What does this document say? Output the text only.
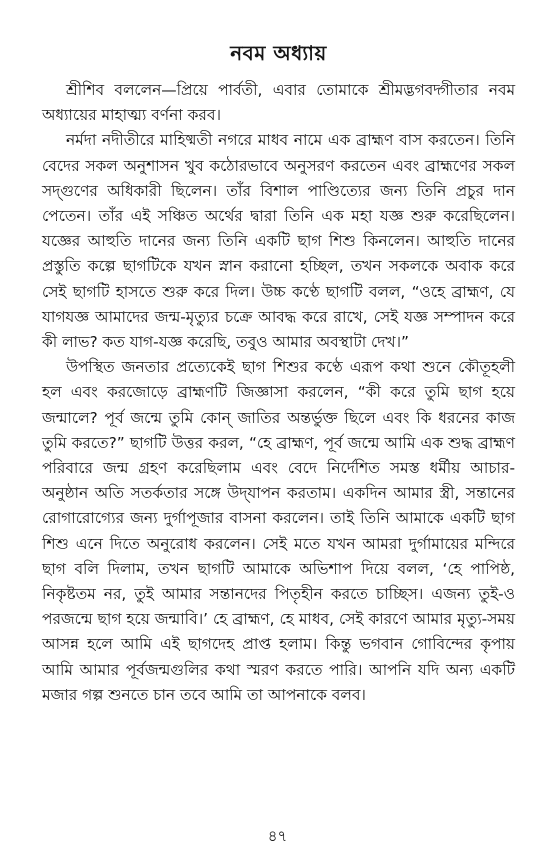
নবম অধ্যায়

শ্রীশিব বললেন—প্রিয়ে পার্বতী, এবার তোমাকে শ্রীমদ্ভগবদ্গীতার নবম অধ্যায়ের মাহাত্ম্য বর্ণনা করব।

নর্মদা নদীতীরে মাহিষ্মতী নগরে মাধব নামে এক ব্রাহ্মণ বাস করতেন। তিনি বেদের সকল অনুশাসন খুব কঠোরভাবে অনুসরণ করতেন এবং ব্রাহ্মণের সকল সদ্গুণের অধিকারী ছিলেন। তাঁর বিশাল পাণ্ডিত্যের জন্য তিনি প্রচুর দান পেতেন। তাঁর এই সঞ্চিত অর্থের দ্বারা তিনি এক মহা যজ্ঞ শুরু করেছিলেন। যজ্ঞের আহুতি দানের জন্য তিনি একটি ছাগ শিশু কিনলেন। আহুতি দানের প্রস্তুতি কল্পে ছাগটিকে যখন স্নান করানো হচ্ছিল, তখন সকলকে অবাক করে সেই ছাগটি হাসতে শুরু করে দিল। উচ্চ কণ্ঠে ছাগটি বলল, “ওহে ব্রাহ্মণ, যে যাগযজ্ঞ আমাদের জন্ম-মৃত্যুর চক্রে আবদ্ধ করে রাখে, সেই যজ্ঞ সম্পাদন করে কী লাভ? কত যাগ-যজ্ঞ করেছি, তবুও আমার অবস্থাটা দেখ।”

উপস্থিত জনতার প্রত্যেকেই ছাগ শিশুর কণ্ঠে এরূপ কথা শুনে কৌতূহলী হল এবং করজোড়ে ব্রাহ্মণটি জিজ্ঞাসা করলেন, “কী করে তুমি ছাগ হয়ে জন্মালে? পূর্ব জন্মে তুমি কোন্ জাতির অন্তর্ভুক্ত ছিলে এবং কি ধরনের কাজ তুমি করতে?” ছাগটি উত্তর করল, “হে ব্রাহ্মণ, পূর্ব জন্মে আমি এক শুদ্ধ ব্রাহ্মণ পরিবারে জন্ম গ্রহণ করেছিলাম এবং বেদে নির্দেশিত সমস্ত ধর্মীয় আচার-অনুষ্ঠান অতি সতর্কতার সঙ্গে উদ্‌যাপন করতাম। একদিন আমার স্ত্রী, সন্তানের রোগারোগ্যের জন্য দুর্গাপূজার বাসনা করলেন। তাই তিনি আমাকে একটি ছাগ শিশু এনে দিতে অনুরোধ করলেন। সেই মতে যখন আমরা দুর্গামায়ের মন্দিরে ছাগ বলি দিলাম, তখন ছাগটি আমাকে অভিশাপ দিয়ে বলল, ‘হে পাপিষ্ঠ, নিকৃষ্টতম নর, তুই আমার সন্তানদের পিতৃহীন করতে চাচ্ছিস। এজন্য তুই-ও পরজন্মে ছাগ হয়ে জন্মাবি।’ হে ব্রাহ্মণ, হে মাধব, সেই কারণে আমার মৃত্যু-সময় আসন্ন হলে আমি এই ছাগদেহ প্রাপ্ত হলাম। কিন্তু ভগবান গোবিন্দের কৃপায় আমি আমার পূর্বজন্মগুলির কথা স্মরণ করতে পারি। আপনি যদি অন্য একটি মজার গল্প শুনতে চান তবে আমি তা আপনাকে বলব।

৪৭
